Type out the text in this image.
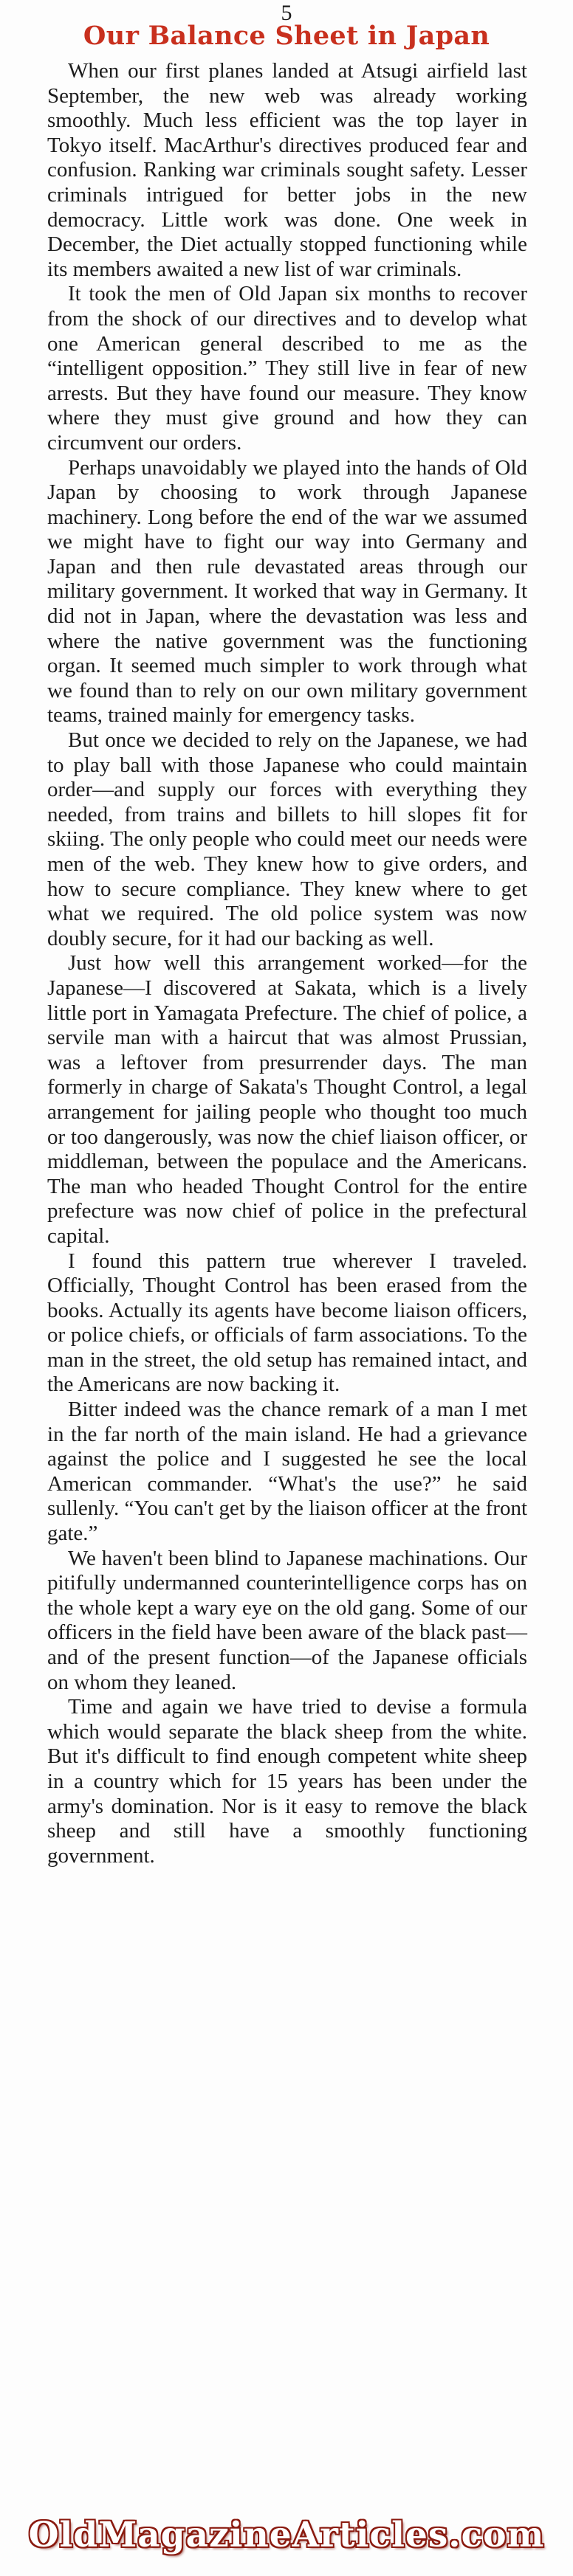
5
Our Balance Sheet in Japan

When our first planes landed at Atsugi airfield last September, the new web was already working smoothly. Much less efficient was the top layer in Tokyo itself. MacArthur's directives produced fear and confusion. Ranking war criminals sought safety. Lesser criminals intrigued for better jobs in the new democracy. Little work was done. One week in December, the Diet actually stopped functioning while its members awaited a new list of war criminals.

It took the men of Old Japan six months to recover from the shock of our directives and to develop what one American general described to me as the “intelligent opposition.” They still live in fear of new arrests. But they have found our measure. They know where they must give ground and how they can circumvent our orders.

Perhaps unavoidably we played into the hands of Old Japan by choosing to work through Japanese machinery. Long before the end of the war we assumed we might have to fight our way into Germany and Japan and then rule devastated areas through our military government. It worked that way in Germany. It did not in Japan, where the devastation was less and where the native government was the functioning organ. It seemed much simpler to work through what we found than to rely on our own military government teams, trained mainly for emergency tasks.

But once we decided to rely on the Japanese, we had to play ball with those Japanese who could maintain order—and supply our forces with everything they needed, from trains and billets to hill slopes fit for skiing. The only people who could meet our needs were men of the web. They knew how to give orders, and how to secure compliance. They knew where to get what we required. The old police system was now doubly secure, for it had our backing as well.

Just how well this arrangement worked—for the Japanese—I discovered at Sakata, which is a lively little port in Yamagata Prefecture. The chief of police, a servile man with a haircut that was almost Prussian, was a leftover from presurrender days. The man formerly in charge of Sakata's Thought Control, a legal arrangement for jailing people who thought too much or too dangerously, was now the chief liaison officer, or middleman, between the populace and the Americans. The man who headed Thought Control for the entire prefecture was now chief of police in the prefectural capital.

I found this pattern true wherever I traveled. Officially, Thought Control has been erased from the books. Actually its agents have become liaison officers, or police chiefs, or officials of farm associations. To the man in the street, the old setup has remained intact, and the Americans are now backing it.

Bitter indeed was the chance remark of a man I met in the far north of the main island. He had a grievance against the police and I suggested he see the local American commander. “What's the use?” he said sullenly. “You can't get by the liaison officer at the front gate.”

We haven't been blind to Japanese machinations. Our pitifully undermanned counterintelligence corps has on the whole kept a wary eye on the old gang. Some of our officers in the field have been aware of the black past—and of the present function—of the Japanese officials on whom they leaned.

Time and again we have tried to devise a formula which would separate the black sheep from the white. But it's difficult to find enough competent white sheep in a country which for 15 years has been under the army's domination. Nor is it easy to remove the black sheep and still have a smoothly functioning government.

OldMagazineArticles.com
